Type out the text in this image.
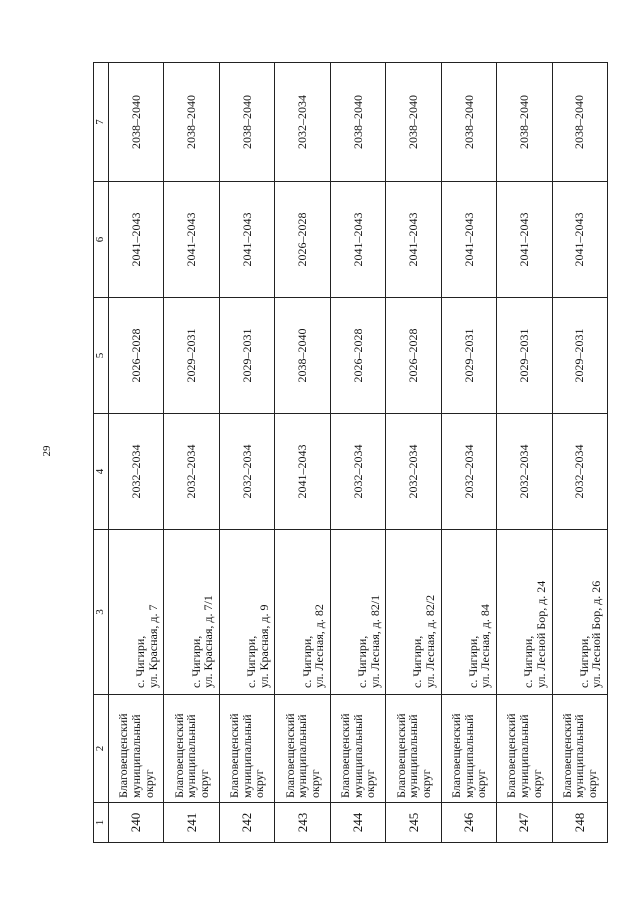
29
1	2	3	4	5	6	7
240	Благовещенский
муниципальный
округ	с. Чигири,
ул. Красная, д. 7	2032–2034	2026–2028	2041–2043	2038–2040
241	Благовещенский
муниципальный
округ	с. Чигири,
ул. Красная, д. 7/1	2032–2034	2029–2031	2041–2043	2038–2040
242	Благовещенский
муниципальный
округ	с. Чигири,
ул. Красная, д. 9	2032–2034	2029–2031	2041–2043	2038–2040
243	Благовещенский
муниципальный
округ	с. Чигири,
ул. Лесная, д. 82	2041–2043	2038–2040	2026–2028	2032–2034
244	Благовещенский
муниципальный
округ	с. Чигири,
ул. Лесная, д. 82/1	2032–2034	2026–2028	2041–2043	2038–2040
245	Благовещенский
муниципальный
округ	с. Чигири,
ул. Лесная, д. 82/2	2032–2034	2026–2028	2041–2043	2038–2040
246	Благовещенский
муниципальный
округ	с. Чигири,
ул. Лесная, д. 84	2032–2034	2029–2031	2041–2043	2038–2040
247	Благовещенский
муниципальный
округ	с. Чигири,
ул. Лесной Бор, д. 24	2032–2034	2029–2031	2041–2043	2038–2040
248	Благовещенский
муниципальный
округ	с. Чигири,
ул. Лесной Бор, д. 26	2032–2034	2029–2031	2041–2043	2038–2040
